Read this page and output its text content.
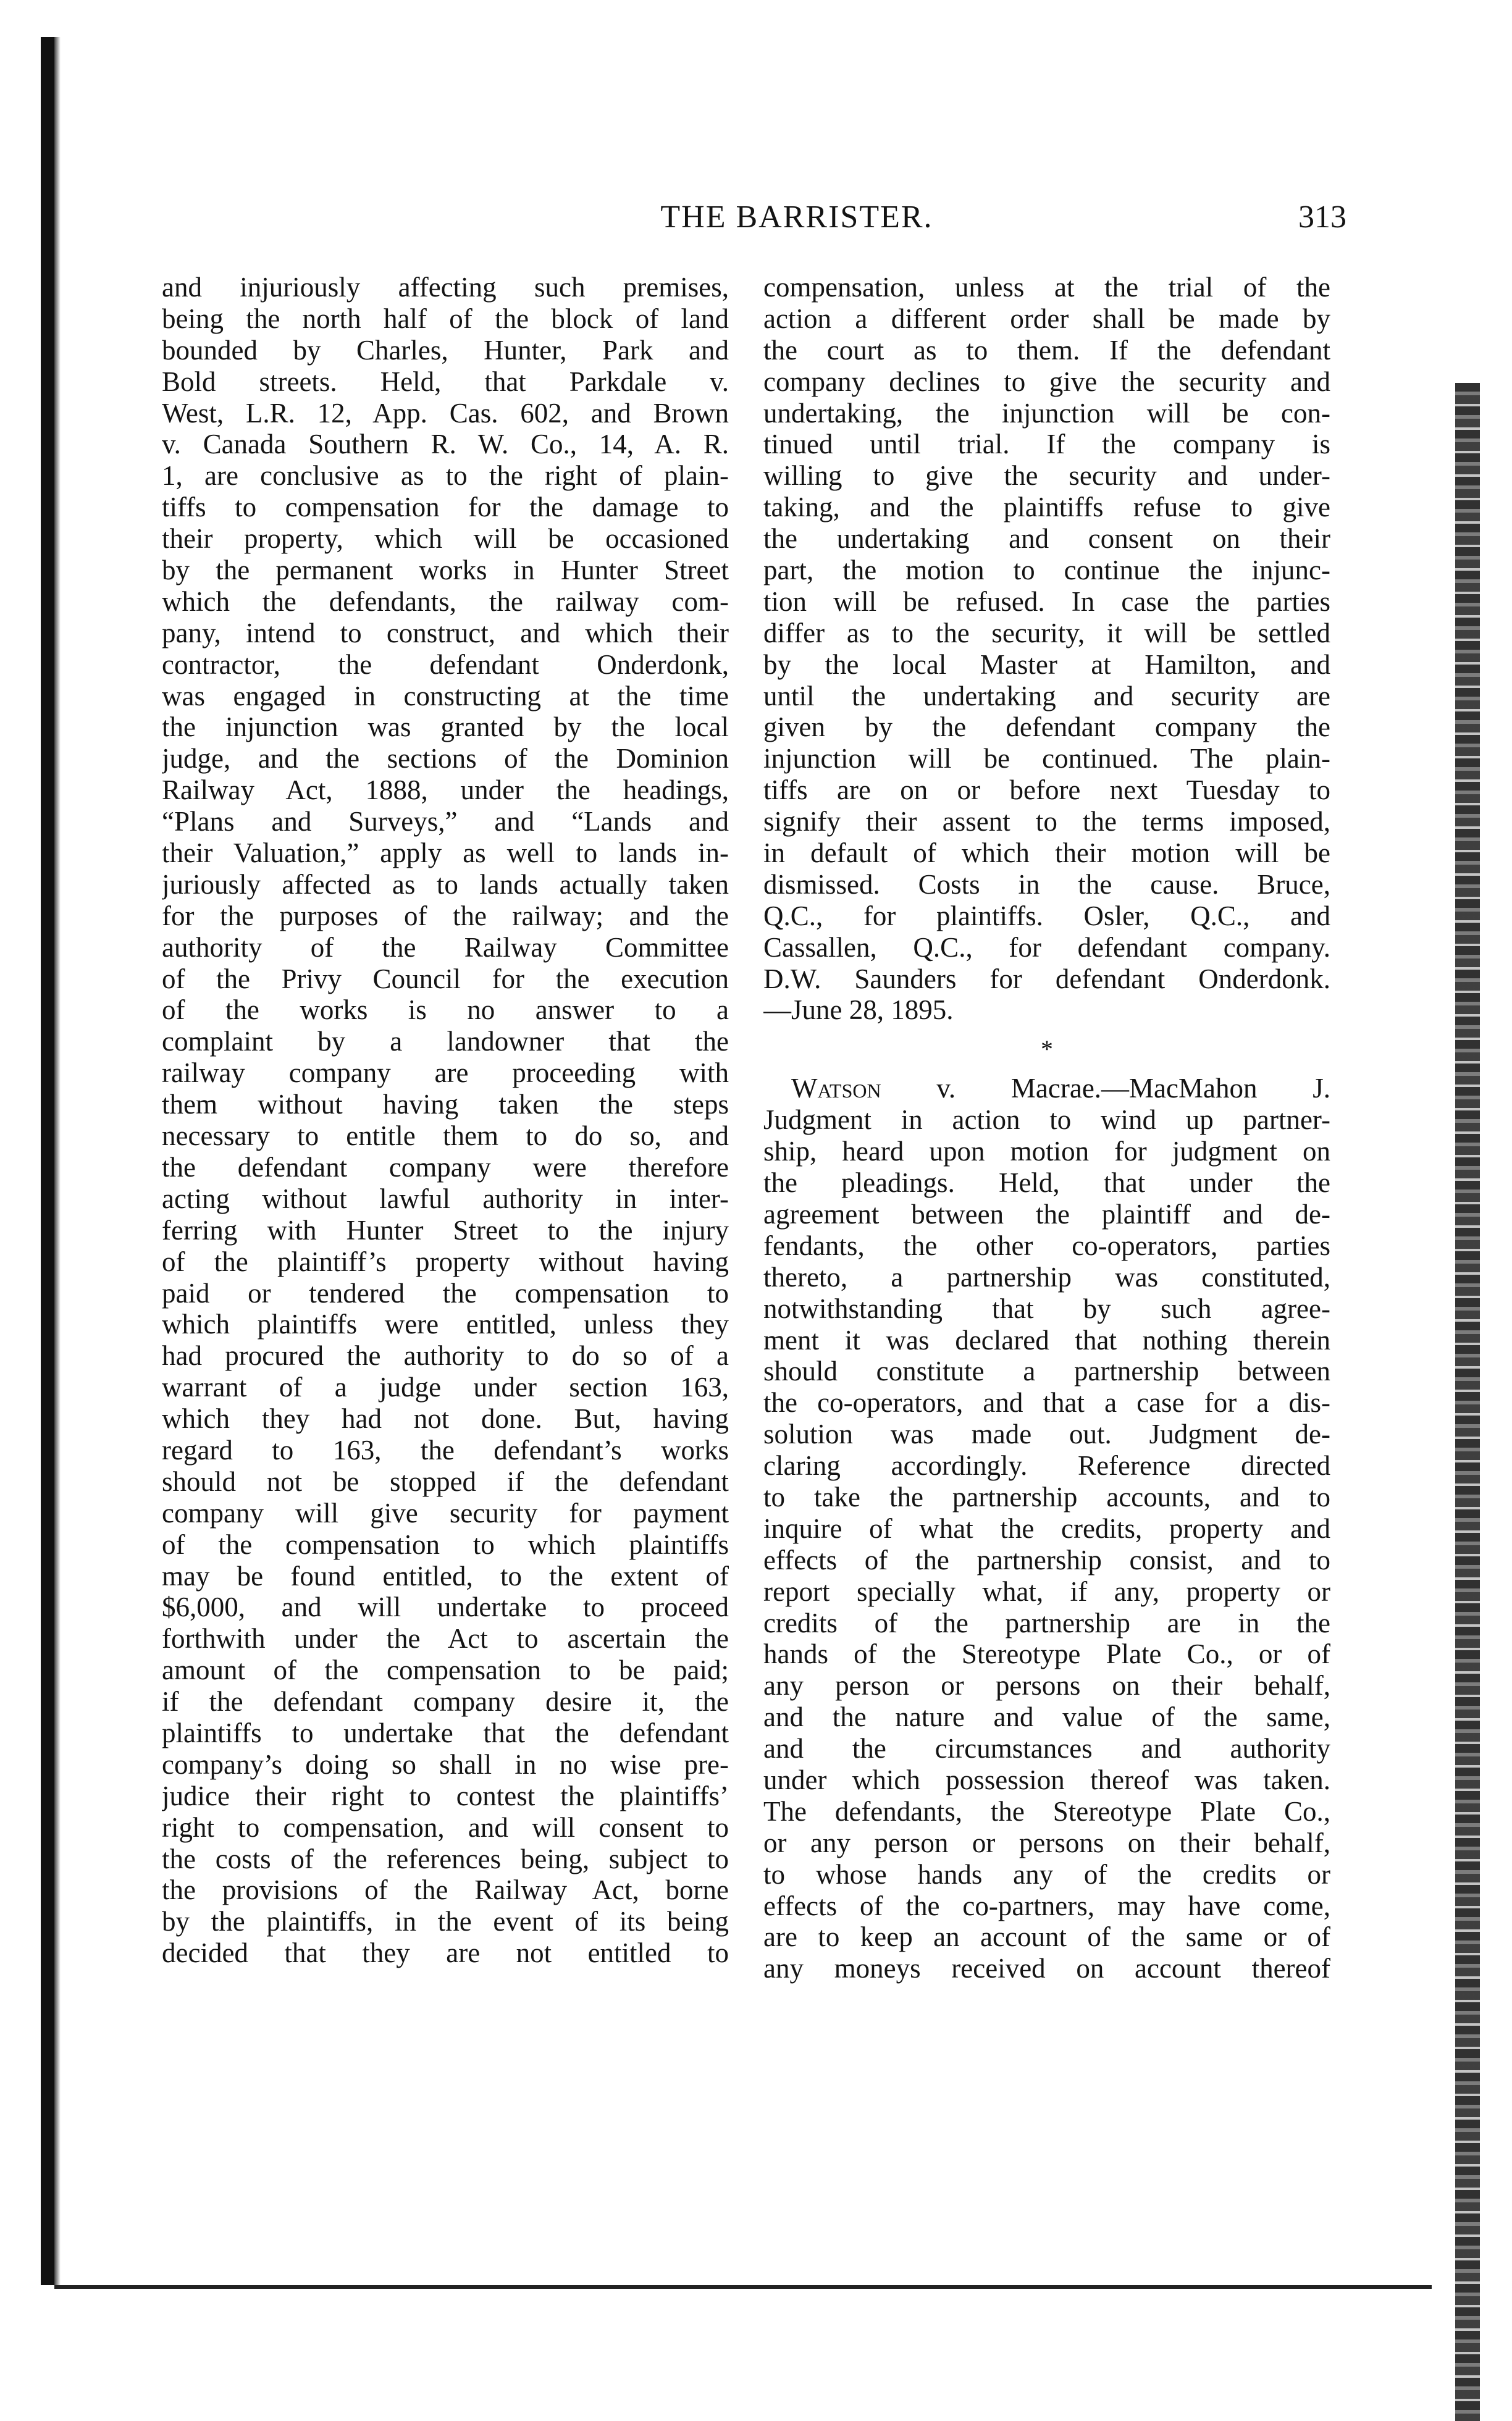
THE BARRISTER.	313
and injuriously affecting such premises,
being the north half of the block of land
bounded by Charles, Hunter, Park and
Bold streets. Held, that Parkdale v.
West, L.R. 12, App. Cas. 602, and Brown
v. Canada Southern R. W. Co., 14, A. R.
1, are conclusive as to the right of plain-
tiffs to compensation for the damage to
their property, which will be occasioned
by the permanent works in Hunter Street
which the defendants, the railway com-
pany, intend to construct, and which their
contractor, the defendant Onderdonk,
was engaged in constructing at the time
the injunction was granted by the local
judge, and the sections of the Dominion
Railway Act, 1888, under the headings,
“Plans and Surveys,” and “Lands and
their Valuation,” apply as well to lands in-
juriously affected as to lands actually taken
for the purposes of the railway; and the
authority of the Railway Committee
of the Privy Council for the execution
of the works is no answer to a
complaint by a landowner that the
railway company are proceeding with
them without having taken the steps
necessary to entitle them to do so, and
the defendant company were therefore
acting without lawful authority in inter-
ferring with Hunter Street to the injury
of the plaintiff’s property without having
paid or tendered the compensation to
which plaintiffs were entitled, unless they
had procured the authority to do so of a
warrant of a judge under section 163,
which they had not done. But, having
regard to 163, the defendant’s works
should not be stopped if the defendant
company will give security for payment
of the compensation to which plaintiffs
may be found entitled, to the extent of
$6,000, and will undertake to proceed
forthwith under the Act to ascertain the
amount of the compensation to be paid;
if the defendant company desire it, the
plaintiffs to undertake that the defendant
company’s doing so shall in no wise pre-
judice their right to contest the plaintiffs’
right to compensation, and will consent to
the costs of the references being, subject to
the provisions of the Railway Act, borne
by the plaintiffs, in the event of its being
decided that they are not entitled to
compensation, unless at the trial of the
action a different order shall be made by
the court as to them. If the defendant
company declines to give the security and
undertaking, the injunction will be con-
tinued until trial. If the company is
willing to give the security and under-
taking, and the plaintiffs refuse to give
the undertaking and consent on their
part, the motion to continue the injunc-
tion will be refused. In case the parties
differ as to the security, it will be settled
by the local Master at Hamilton, and
until the undertaking and security are
given by the defendant company the
injunction will be continued. The plain-
tiffs are on or before next Tuesday to
signify their assent to the terms imposed,
in default of which their motion will be
dismissed. Costs in the cause. Bruce,
Q.C., for plaintiffs. Osler, Q.C., and
Cassallen, Q.C., for defendant company.
D.W. Saunders for defendant Onderdonk.
—June 28, 1895.
*
Watson v. Macrae.—MacMahon J.
Judgment in action to wind up partner-
ship, heard upon motion for judgment on
the pleadings. Held, that under the
agreement between the plaintiff and de-
fendants, the other co-operators, parties
thereto, a partnership was constituted,
notwithstanding that by such agree-
ment it was declared that nothing therein
should constitute a partnership between
the co-operators, and that a case for a dis-
solution was made out. Judgment de-
claring accordingly. Reference directed
to take the partnership accounts, and to
inquire of what the credits, property and
effects of the partnership consist, and to
report specially what, if any, property or
credits of the partnership are in the
hands of the Stereotype Plate Co., or of
any person or persons on their behalf,
and the nature and value of the same,
and the circumstances and authority
under which possession thereof was taken.
The defendants, the Stereotype Plate Co.,
or any person or persons on their behalf,
to whose hands any of the credits or
effects of the co-partners, may have come,
are to keep an account of the same or of
any moneys received on account thereof
